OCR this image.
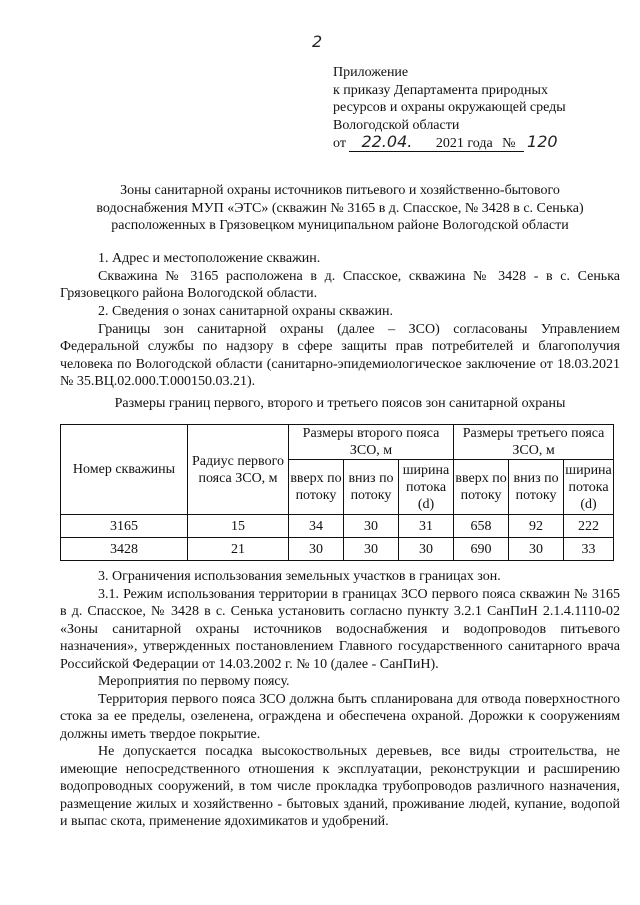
2
Приложение
к приказу Департамента природных
ресурсов и охраны окружающей среды
Вологодской области
от 22.04. 2021 года № 120
Зоны санитарной охраны источников питьевого и хозяйственно-бытового
водоснабжения МУП «ЭТС» (скважин № 3165 в д. Спасское, № 3428 в с. Сенька)
расположенных в Грязовецком муниципальном районе Вологодской области

1. Адрес и местоположение скважин.

Скважина № 3165 расположена в д. Спасское, скважина № 3428 - в с. Сенька Грязовецкого района Вологодской области.

2. Сведения о зонах санитарной охраны скважин.

Границы зон санитарной охраны (далее – ЗСО) согласованы Управлением Федеральной службы по надзору в сфере защиты прав потребителей и благополучия человека по Вологодской области (санитарно-эпидемиологическое заключение от 18.03.2021 № 35.ВЦ.02.000.Т.000150.03.21).

Размеры границ первого, второго и третьего поясов зон санитарной охраны
Номер скважины	Радиус первого пояса ЗСО, м	Размеры второго пояса ЗСО, м			Размеры третьего пояса ЗСО, м		
		вверх по потоку	вниз по потоку	ширина потока (d)	вверх по потоку	вниз по потоку	ширина потока (d)
3165	15	34	30	31	658	92	222
3428	21	30	30	30	690	30	33

3. Ограничения использования земельных участков в границах зон.

3.1. Режим использования территории в границах ЗСО первого пояса скважин № 3165 в д. Спасское, № 3428 в с. Сенька установить согласно пункту 3.2.1 СанПиН 2.1.4.1110-02 «Зоны санитарной охраны источников водоснабжения и водопроводов питьевого назначения», утвержденных постановлением Главного государственного санитарного врача Российской Федерации от 14.03.2002 г. № 10 (далее - СанПиН).

Мероприятия по первому поясу.

Территория первого пояса ЗСО должна быть спланирована для отвода поверхностного стока за ее пределы, озеленена, ограждена и обеспечена охраной. Дорожки к сооружениям должны иметь твердое покрытие.

Не допускается посадка высокоствольных деревьев, все виды строительства, не имеющие непосредственного отношения к эксплуатации, реконструкции и расширению водопроводных сооружений, в том числе прокладка трубопроводов различного назначения, размещение жилых и хозяйственно - бытовых зданий, проживание людей, купание, водопой и выпас скота, применение ядохимикатов и удобрений.
